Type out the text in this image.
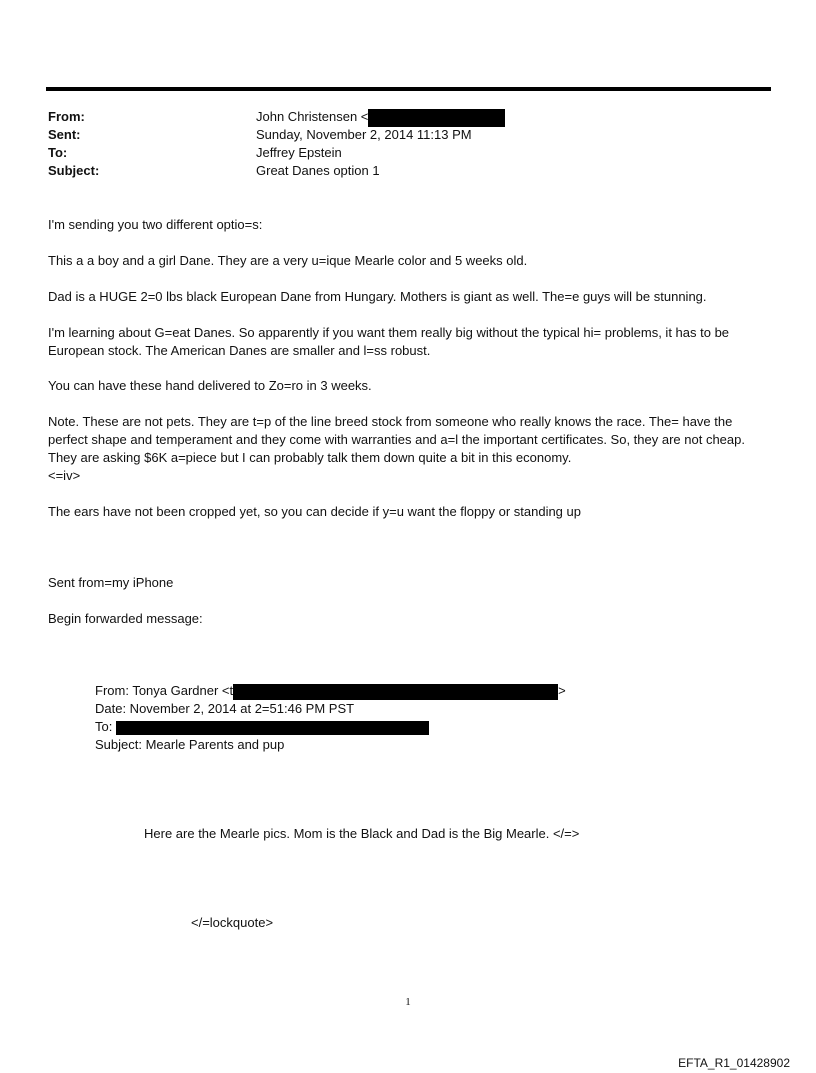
From:	John Christensen <
Sent:	Sunday, November 2, 2014 11:13 PM
To:	Jeffrey Epstein
Subject:	Great Danes option 1

I'm sending you two different optio=s:

This a a boy and a girl Dane. They are a very u=ique Mearle color and 5 weeks old.

Dad is a HUGE 2=0 lbs black European Dane from Hungary. Mothers is giant as well. The=e guys will be stunning.

I'm learning about G=eat Danes. So apparently if you want them really big without the typical hi= problems, it has to be European stock. The American Danes are smaller and l=ss robust.

You can have these hand delivered to Zo=ro in 3 weeks.

Note. These are not pets. They are t=p of the line breed stock from someone who really knows the race. The= have the perfect shape and temperament and they come with warranties and a=l the important certificates. So, they are not cheap. They are asking $6K a=piece but I can probably talk them down quite a bit in this economy.

<=iv>

The ears have not been cropped yet, so you can decide if y=u want the floppy or standing up

Sent from=my iPhone

Begin forwarded message:

From: Tonya Gardner <t	>
Date: November 2, 2014 at 2=51:46 PM PST
To:
Subject: Mearle Parents and pup

Here are the Mearle pics. Mom is the Black and Dad is the Big Mearle. </=>

</=lockquote>

1
EFTA_R1_01428902
